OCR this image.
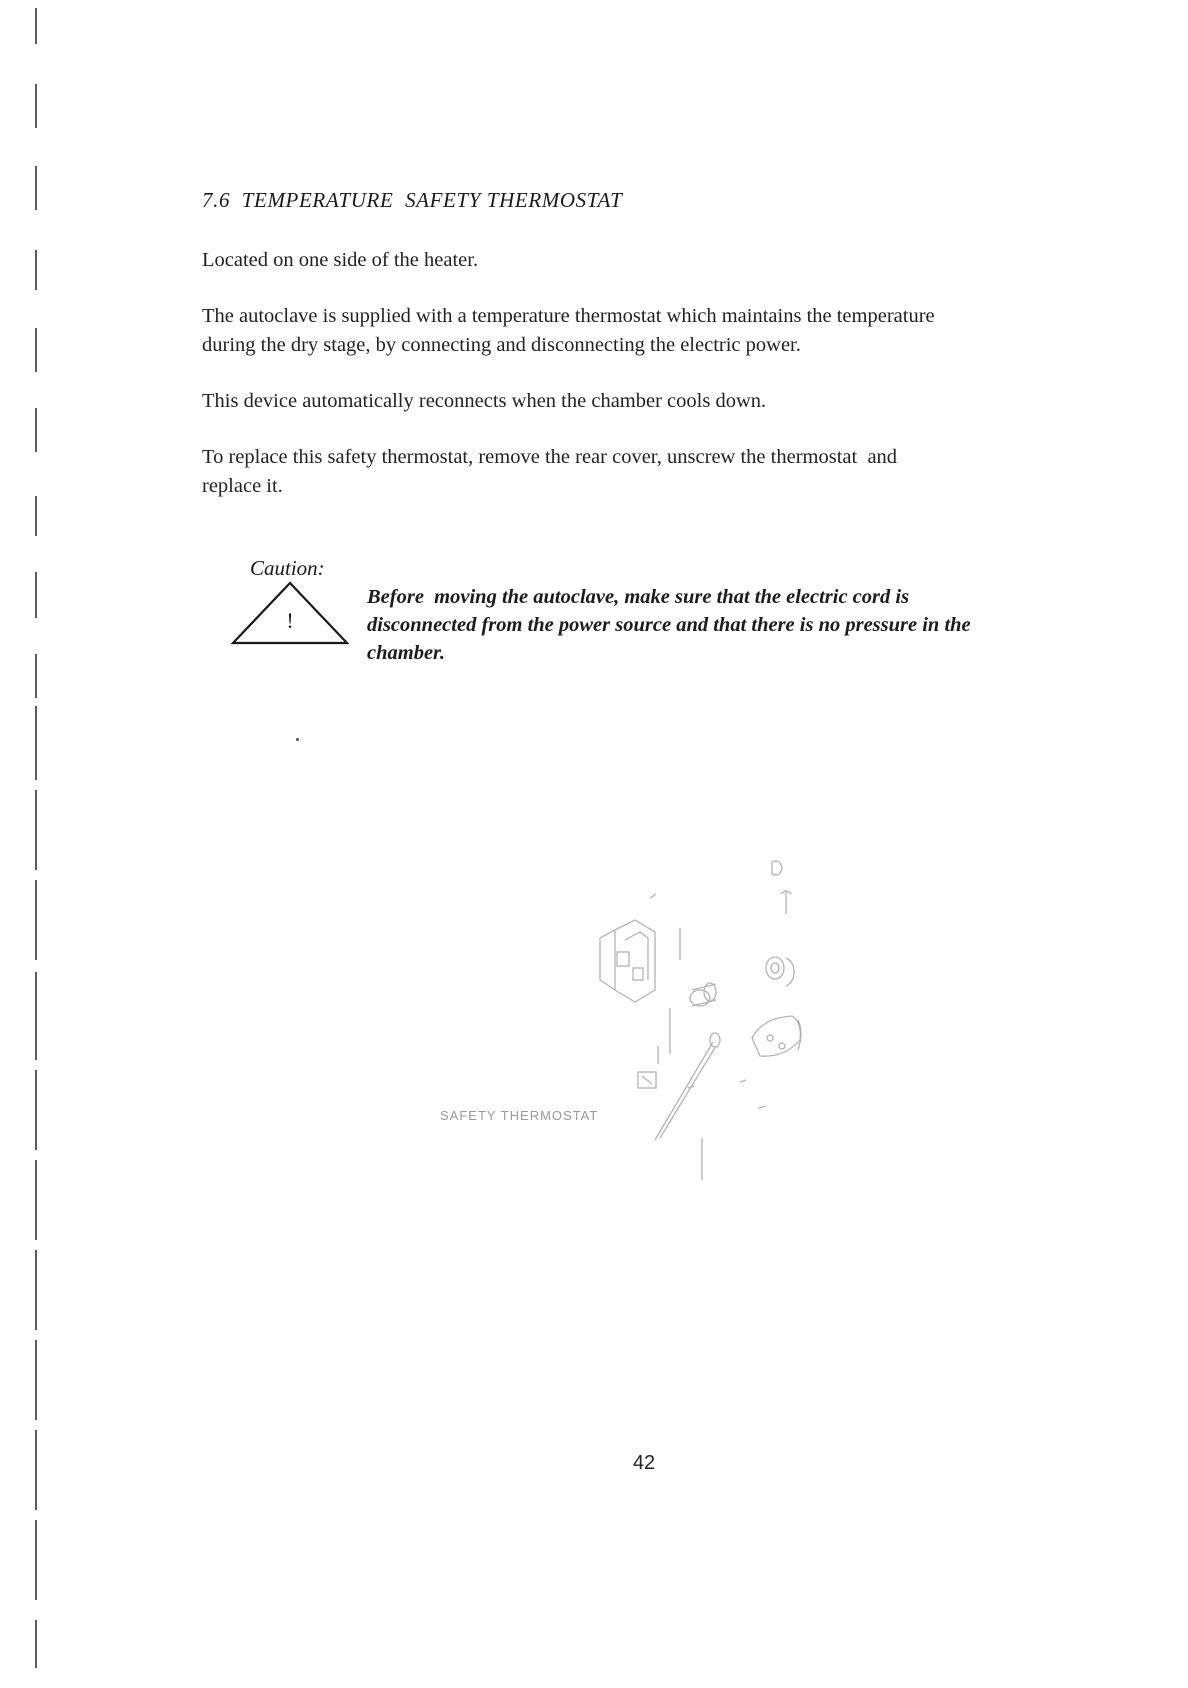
7.6  TEMPERATURE  SAFETY THERMOSTAT

Located on one side of the heater.

The autoclave is supplied with a temperature thermostat which maintains the temperature
during the dry stage, by connecting and disconnecting the electric power.

This device automatically reconnects when the chamber cools down.

To replace this safety thermostat, remove the rear cover, unscrew the thermostat  and
replace it.

Caution:

!

Before  moving the autoclave, make sure that the electric cord is
disconnected from the power source and that there is no pressure in the
chamber.

SAFETY THERMOSTAT

42
